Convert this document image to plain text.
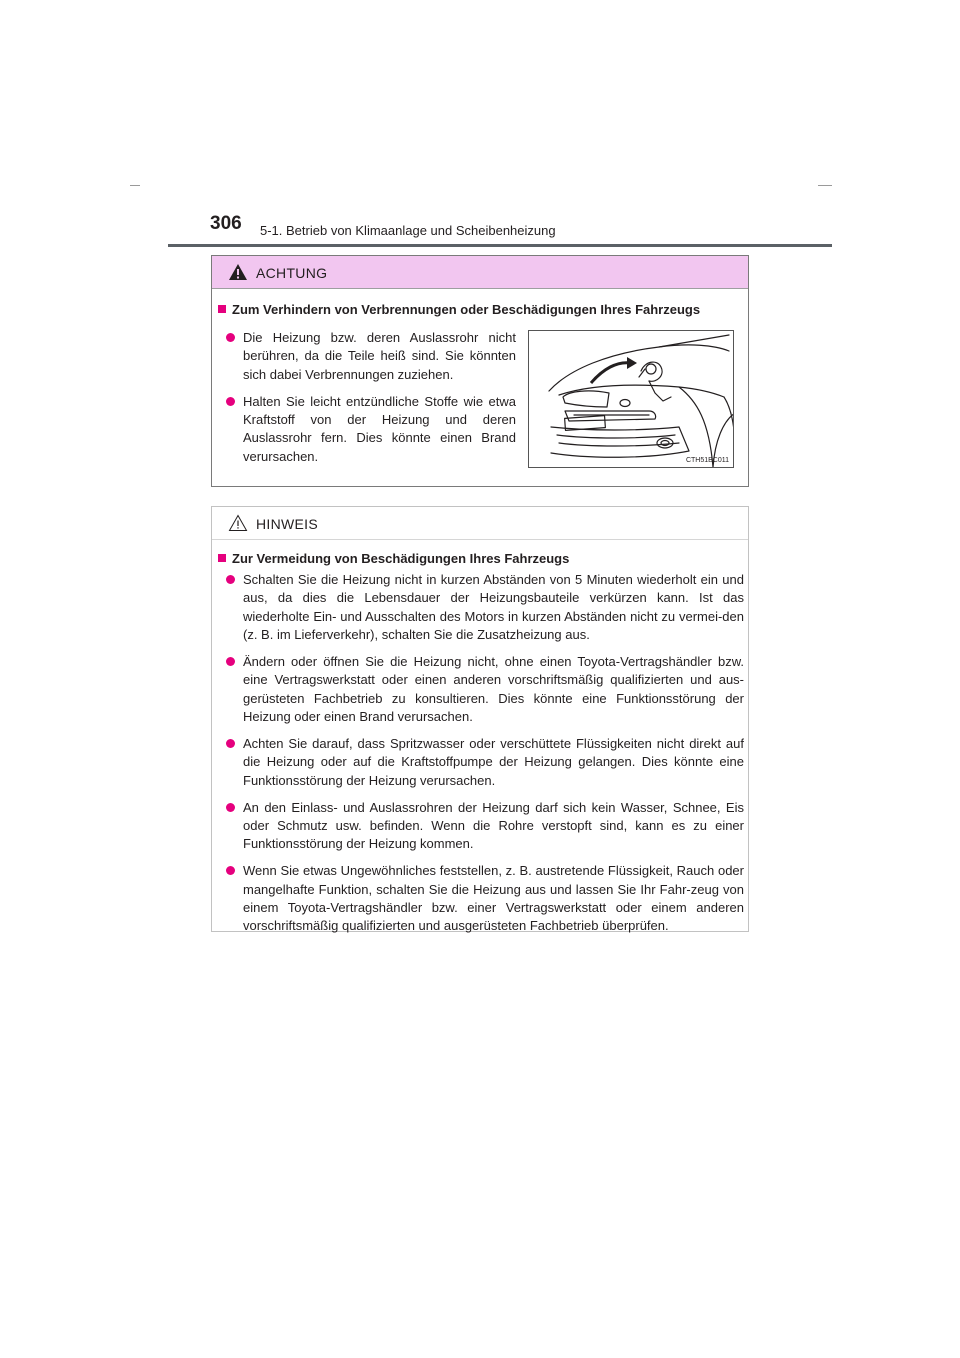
306 5-1. Betrieb von Klimaanlage und Scheibenheizung
ACHTUNG
Zum Verhindern von Verbrennungen oder Beschädigungen Ihres Fahrzeugs
Die Heizung bzw. deren Auslassrohr nicht berühren, da die Teile heiß sind. Sie könnten sich dabei Verbrennungen zuziehen.
Halten Sie leicht entzündliche Stoffe wie etwa Kraftstoff von der Heizung und deren Auslassrohr fern. Dies könnte einen Brand verursachen.	CTH51BC011
HINWEIS
Zur Vermeidung von Beschädigungen Ihres Fahrzeugs
Schalten Sie die Heizung nicht in kurzen Abständen von 5 Minuten wiederholt ein und aus, da dies die Lebensdauer der Heizungsbauteile verkürzen kann. Ist das wiederholte Ein- und Ausschalten des Motors in kurzen Abständen nicht zu vermei-den (z. B. im Lieferverkehr), schalten Sie die Zusatzheizung aus.
Ändern oder öffnen Sie die Heizung nicht, ohne einen Toyota-Vertragshändler bzw. eine Vertragswerkstatt oder einen anderen vorschriftsmäßig qualifizierten und aus-gerüsteten Fachbetrieb zu konsultieren. Dies könnte eine Funktionsstörung der Heizung oder einen Brand verursachen.
Achten Sie darauf, dass Spritzwasser oder verschüttete Flüssigkeiten nicht direkt auf die Heizung oder auf die Kraftstoffpumpe der Heizung gelangen. Dies könnte eine Funktionsstörung der Heizung verursachen.
An den Einlass- und Auslassrohren der Heizung darf sich kein Wasser, Schnee, Eis oder Schmutz usw. befinden. Wenn die Rohre verstopft sind, kann es zu einer Funktionsstörung der Heizung kommen.
Wenn Sie etwas Ungewöhnliches feststellen, z. B. austretende Flüssigkeit, Rauch oder mangelhafte Funktion, schalten Sie die Heizung aus und lassen Sie Ihr Fahr-zeug von einem Toyota-Vertragshändler bzw. einer Vertragswerkstatt oder einem anderen vorschriftsmäßig qualifizierten und ausgerüsteten Fachbetrieb überprüfen.
